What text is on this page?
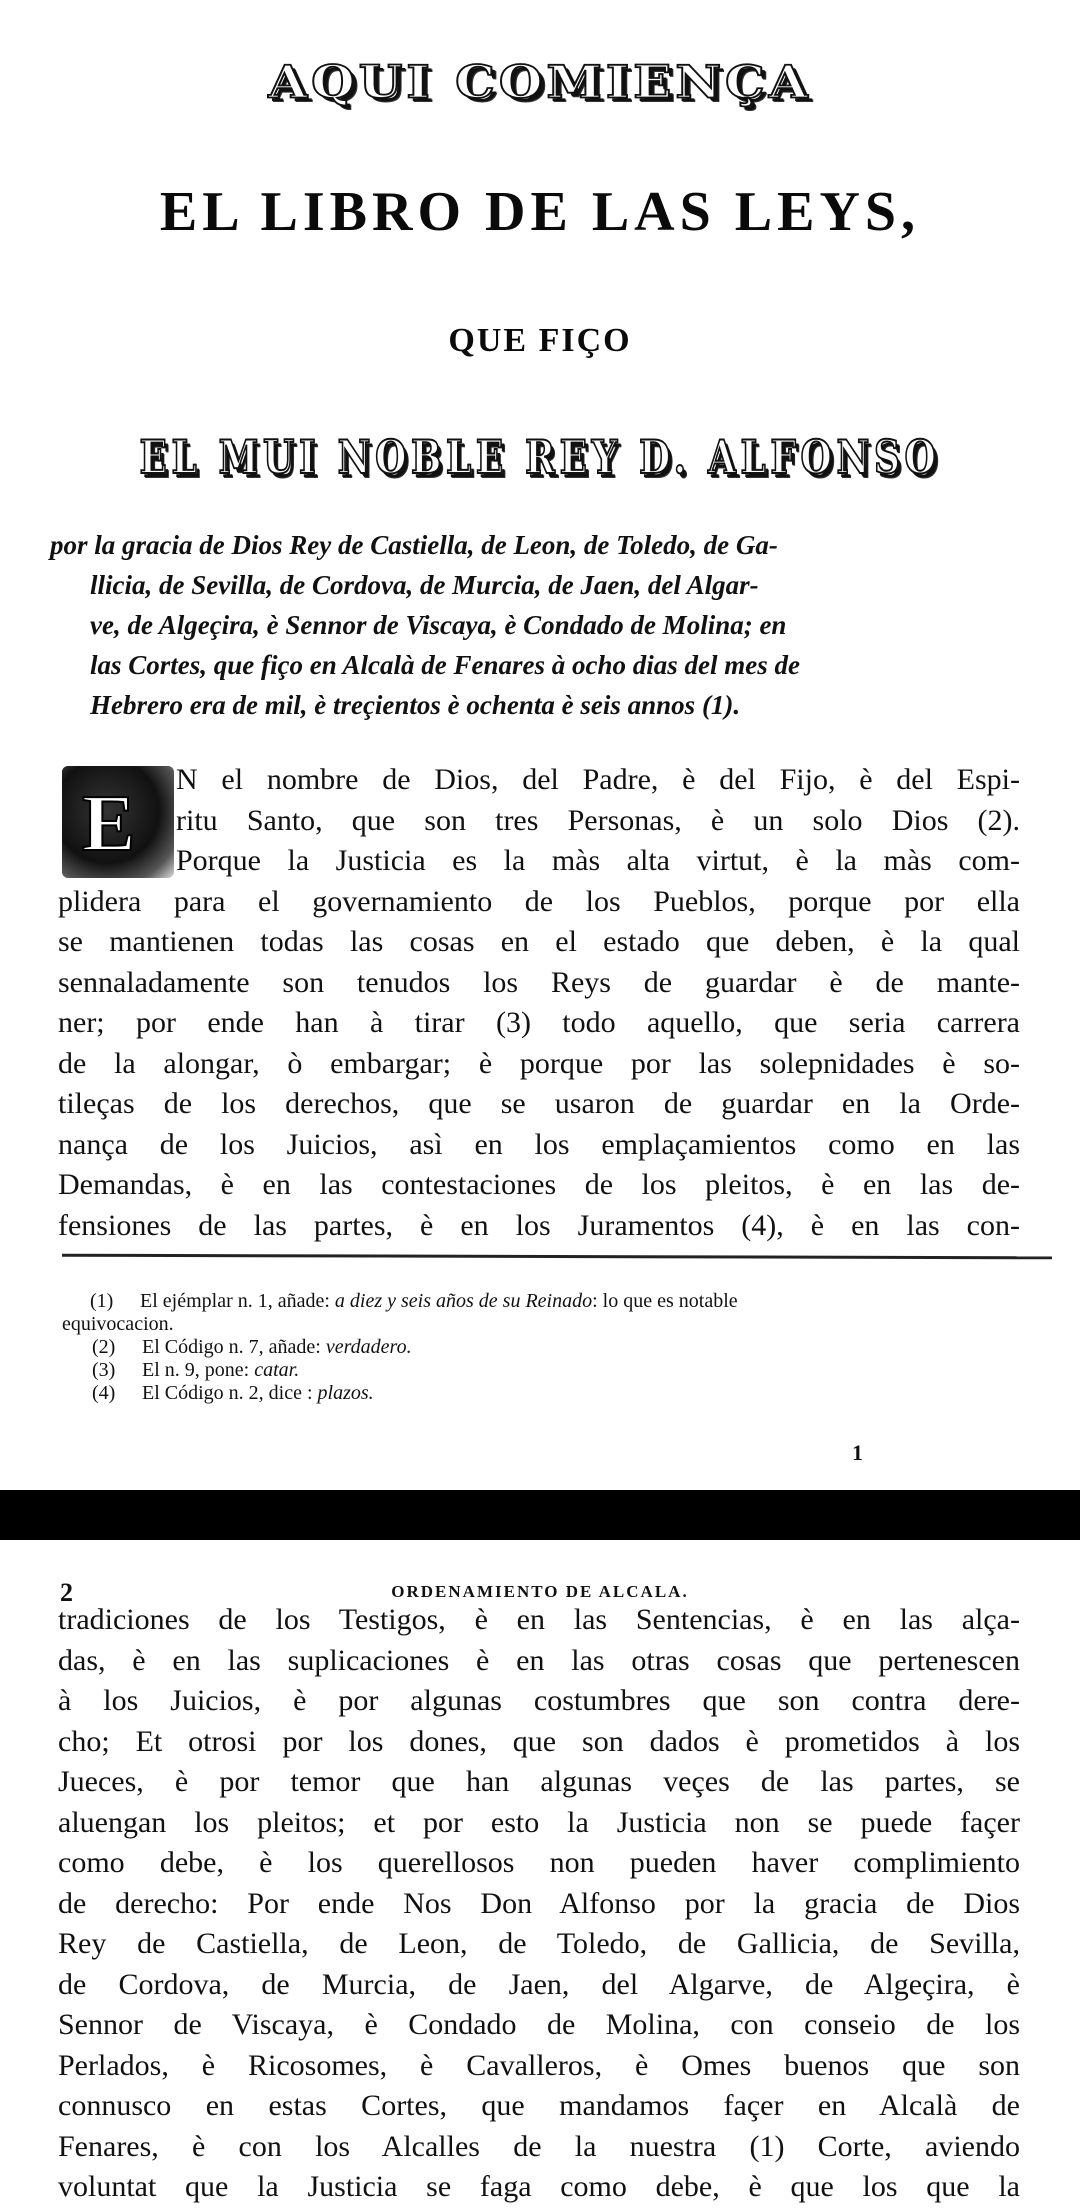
AQUI COMIENÇA
EL LIBRO DE LAS LEYS,
QUE FIÇO
EL MUI NOBLE REY D. ALFONSO
por la gracia de Dios Rey de Castiella, de Leon, de Toledo, de Ga-
llicia, de Sevilla, de Cordova, de Murcia, de Jaen, del Algar-
ve, de Algeçira, è Sennor de Viscaya, è Condado de Molina; en
las Cortes, que fiço en Alcalà de Fenares à ocho dias del mes de
Hebrero era de mil, è treçientos è ochenta è seis annos (1).
E
N el nombre de Dios, del Padre, è del Fijo, è del Espi-
ritu Santo, que son tres Personas, è un solo Dios (2).
Porque la Justicia es la màs alta virtut, è la màs com-
plidera para el governamiento de los Pueblos, porque por ella
se mantienen todas las cosas en el estado que deben, è la qual
sennaladamente son tenudos los Reys de guardar è de mante-
ner; por ende han à tirar (3) todo aquello, que seria carrera
de la alongar, ò embargar; è porque por las solepnidades è so-
tileças de los derechos, que se usaron de guardar en la Orde-
nança de los Juicios, asì en los emplaçamientos como en las
Demandas, è en las contestaciones de los pleitos, è en las de-
fensiones de las partes, è en los Juramentos (4), è en las con-
(1) El ejémplar n. 1, añade: a diez y seis años de su Reinado: lo que es notable
equivocacion.
(2) El Código n. 7, añade: verdadero.
(3) El n. 9, pone: catar.
(4) El Código n. 2, dice : plazos.
1
2	ORDENAMIENTO DE ALCALA.
tradiciones de los Testigos, è en las Sentencias, è en las alça-
das, è en las suplicaciones è en las otras cosas que pertenescen
à los Juicios, è por algunas costumbres que son contra dere-
cho; Et otrosi por los dones, que son dados è prometidos à los
Jueces, è por temor que han algunas veçes de las partes, se
aluengan los pleitos; et por esto la Justicia non se puede façer
como debe, è los querellosos non pueden haver complimiento
de derecho: Por ende Nos Don Alfonso por la gracia de Dios
Rey de Castiella, de Leon, de Toledo, de Gallicia, de Sevilla,
de Cordova, de Murcia, de Jaen, del Algarve, de Algeçira, è
Sennor de Viscaya, è Condado de Molina, con conseio de los
Perlados, è Ricosomes, è Cavalleros, è Omes buenos que son
connusco en estas Cortes, que mandamos façer en Alcalà de
Fenares, è con los Alcalles de la nuestra (1) Corte, aviendo
voluntat que la Justicia se faga como debe, è que los que la
